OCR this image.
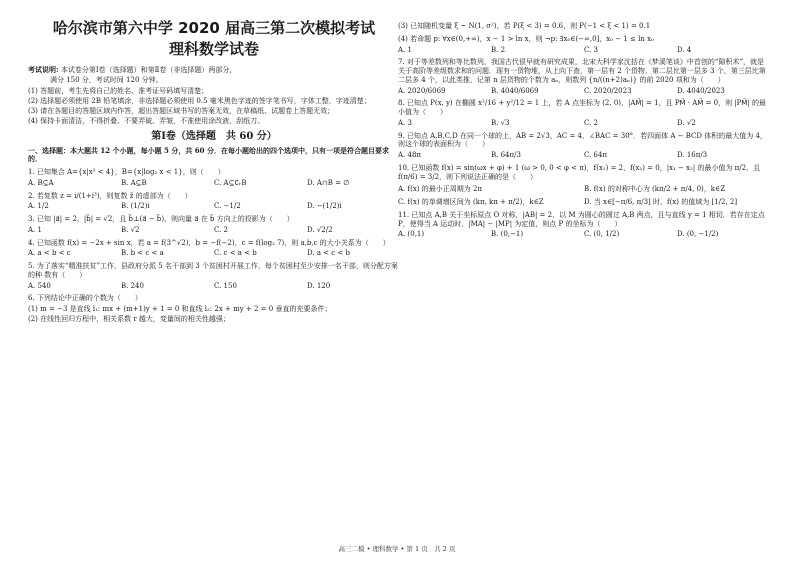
哈尔滨市第六中学 2020 届高三第二次模拟考试
理科数学试卷
考试说明: 本试卷分第Ⅰ卷（选择题）和第Ⅱ卷（非选择题）两部分，
满分 150 分，考试时间 120 分钟。
(1) 答题前，考生先将自己的姓名、准考证号码填写清楚；
(2) 选择题必须使用 2B 铅笔填涂，非选择题必须使用 0.5 毫米黑色字迹的签字笔书写，字体工整，字迹清楚；
(3) 请在各题目的答题区域内作答，超出答题区域书写的答案无效，在草稿纸、试题卷上答题无效；
(4) 保持卡面清洁，不得折叠、不要弄破、弄皱，不准使用涂改液、刮纸刀。
第Ⅰ卷（选择题　共 60 分）
一、选择题：本大题共 12 个小题，每小题 5 分，共 60 分．在每小题给出的四个选项中，只有一项是符合题目要求的．
1. 已知集合 A={x|x² < 4}，B={x|log₂ x < 1}，则（　　）
A. B⊆A	B. A⊆B	C. A⊆∁ᵣB	D. A∩B = ∅
2. 若复数 z = i/(1+i³)，则复数 z̄ 的虚部为（　　）
A. 1/2	B. (1/2)i	C. −1/2	D. −(1/2)i
3. 已知 |a⃗| = 2，|b⃗| = √2，且 b⃗⊥(a⃗ − b⃗)，则向量 a⃗ 在 b⃗ 方向上的投影为（　　）
A. 1	B. √2	C. 2	D. √2/2
4. 已知函数 f(x) = −2x + sin x，若 a = f(3^√2)，b = −f(−2)，c = f(log₂ 7)，则 a,b,c 的大小关系为（　　）
A. a < b < c	B. b < c < a	C. c < a < b	D. a < c < b
5. 为了落实“精准扶贫”工作，县政府分派 5 名干部到 3 个贫困村开展工作，每个贫困村至少安排一名干部，则分配方案的种 数有（　　）
A. 540	B. 240	C. 150	D. 120
6. 下列结论中正确的个数为（　　）
(1) m = −3 是直线 l₁: mx + (m+1)y + 1 = 0 和直线 l₂: 2x + my + 2 = 0 垂直的充要条件；
(2) 在线性回归方程中，相关系数 r 越大，变量间的相关性越强；
(3) 已知随机变量 ξ ~ N(1, σ²)，若 P(ξ < 3) = 0.6，则 P(−1 < ξ < 1) = 0.1
(4) 若命题 p: ∀x∈(0,+∞)，x − 1 > ln x，则 ¬p: ∃x₀∈(−∞,0]，x₀ − 1 ≤ ln x₀
A. 1	B. 2	C. 3	D. 4
7. 对于等差数列和等比数列，我国古代很早就有研究成果，北宋大科学家沈括在《梦溪笔谈》中首创的“隙积术”，就是关于高阶等差级数求和的问题．现有一货物堆，从上向下查，第一层有 2 个货物，第二层比第一层多 3 个，第三层比第二层多 4 个，以此类推，记第 n 层货物的个数为 aₙ，则数列 {n/((n+2)aₙ)} 的前 2020 项和为（　　）
A. 2020/6069	B. 4040/6069	C. 2020/2023	D. 4040/2023
8. 已知点 P(x, y) 在椭圆 x²/16 + y²/12 = 1 上，若 A 点坐标为 (2, 0)，|AM⃗| = 1，且 PM⃗ · AM⃗ = 0，则 |PM⃗| 的最小值为（　　）
A. 3	B. √3	C. 2	D. √2
9. 已知点 A,B,C,D 在同一个球的上，AB = 2√3，AC = 4，∠BAC = 30°．若四面体 A − BCD 体积的最大值为 4，则这个球的表面积为（　　）
A. 48π	B. 64π/3	C. 64π	D. 16π/3
10. 已知函数 f(x) = sin(ωx + φ) + 1 (ω > 0, 0 < φ < π)，f(x₁) = 2，f(x₂) = 0，|x₁ − x₂| 的最小值为 π/2，且 f(π/6) = 3/2，则下列说法正确的是（　　）
A. f(x) 的最小正周期为 2π	B. f(x) 的对称中心为 (kπ/2 + π/4, 0)，k∈Z
C. f(x) 的单调增区间为 (kπ, kπ + π/2)，k∈Z	D. 当 x∈[−π/6, π/3] 时，f(x) 的值域为 [1/2, 2]
11. 已知点 A,B 关于坐标原点 O 对称，|AB| = 2，以 M 为圆心的圆过 A,B 两点，且与直线 y = 1 相切．若存在定点 P，使得当 A 运动时，|MA| − |MP| 为定值，则点 P 的坐标为（　　）
A. (0,1)	B. (0,−1)	C. (0, 1/2)	D. (0, −1/2)
高三二模 • 理科数学 • 第 1 页　共 2 页
